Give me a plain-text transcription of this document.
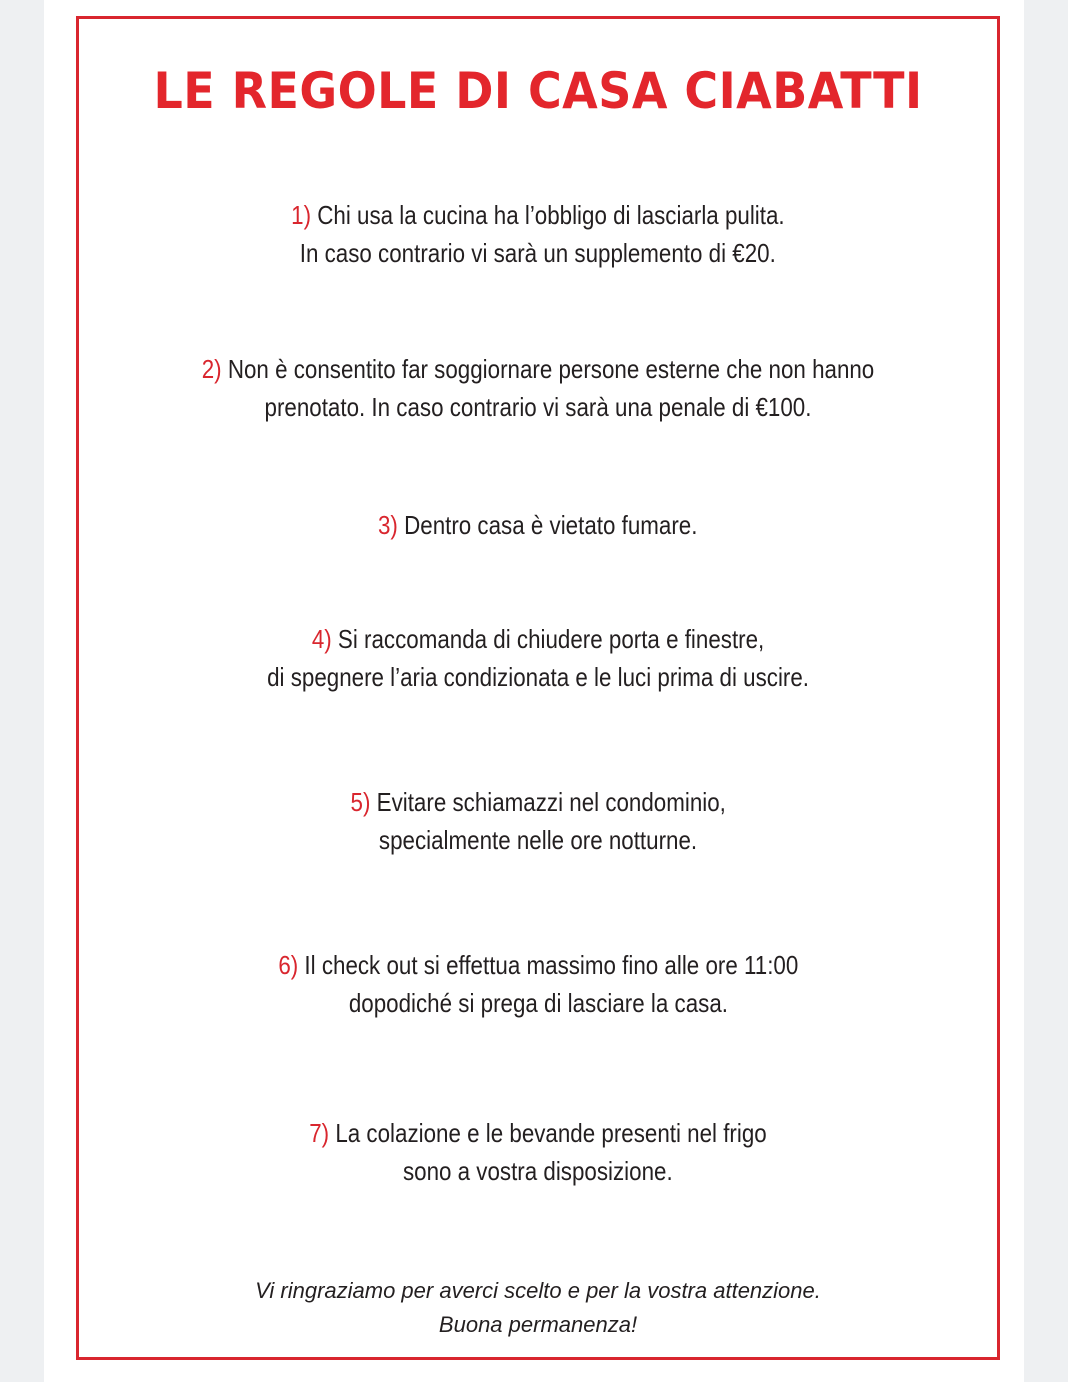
LE REGOLE DI CASA CIABATTI
1) Chi usa la cucina ha l’obbligo di lasciarla pulita.
In caso contrario vi sarà un supplemento di €20.
2) Non è consentito far soggiornare persone esterne che non hanno
prenotato. In caso contrario vi sarà una penale di €100.
3) Dentro casa è vietato fumare.
4) Si raccomanda di chiudere porta e finestre,
di spegnere l’aria condizionata e le luci prima di uscire.
5) Evitare schiamazzi nel condominio,
specialmente nelle ore notturne.
6) Il check out si effettua massimo fino alle ore 11:00
dopodiché si prega di lasciare la casa.
7) La colazione e le bevande presenti nel frigo
sono a vostra disposizione.
Vi ringraziamo per averci scelto e per la vostra attenzione.
Buona permanenza!
